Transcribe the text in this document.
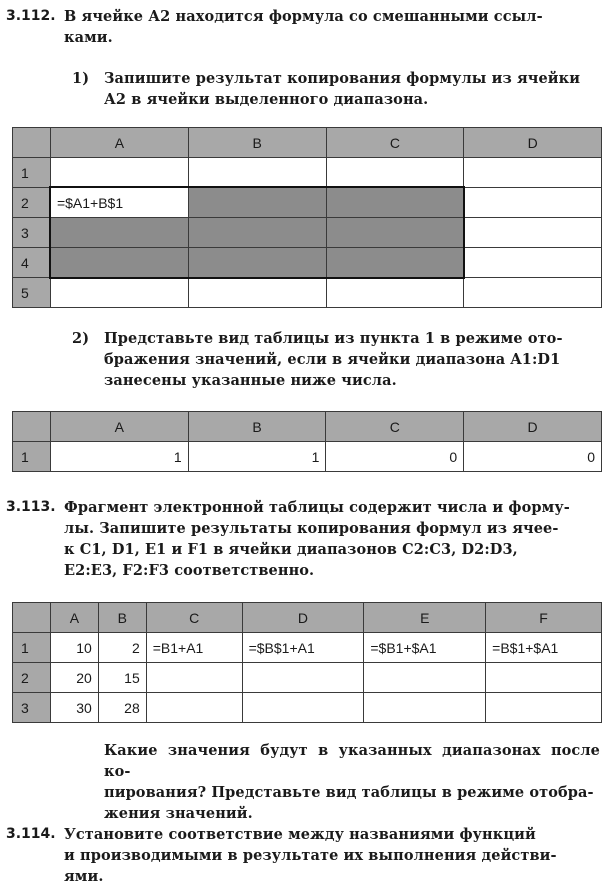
3.112. В ячейке А2 находится формула со смешанными ссыл-
ками.
1) Запишите результат копирования формулы из ячейки
А2 в ячейки выделенного диапазона.
	A	B	C	D
1				
2	=$A1+B$1			
3				
4				
5				
2) Представьте вид таблицы из пункта 1 в режиме ото-
бражения значений, если в ячейки диапазона A1:D1
занесены указанные ниже числа.
	A	B	C	D
1	1	1	0	0
3.113. Фрагмент электронной таблицы содержит числа и форму-
лы. Запишите результаты копирования формул из ячее-
к C1, D1, E1 и F1 в ячейки диапазонов C2:C3, D2:D3,
E2:E3, F2:F3 соответственно.
	A	B	C	D	E	F
1	10	2	=B1+A1	=$B$1+A1	=$B1+$A1	=B$1+$A1
2	20	15				
3	30	28				
Какие значения будут в указанных диапазонах после ко-
пирования? Представьте вид таблицы в режиме отобра-
жения значений.
3.114. Установите соответствие между названиями функций
и производимыми в результате их выполнения действи-
ями.
